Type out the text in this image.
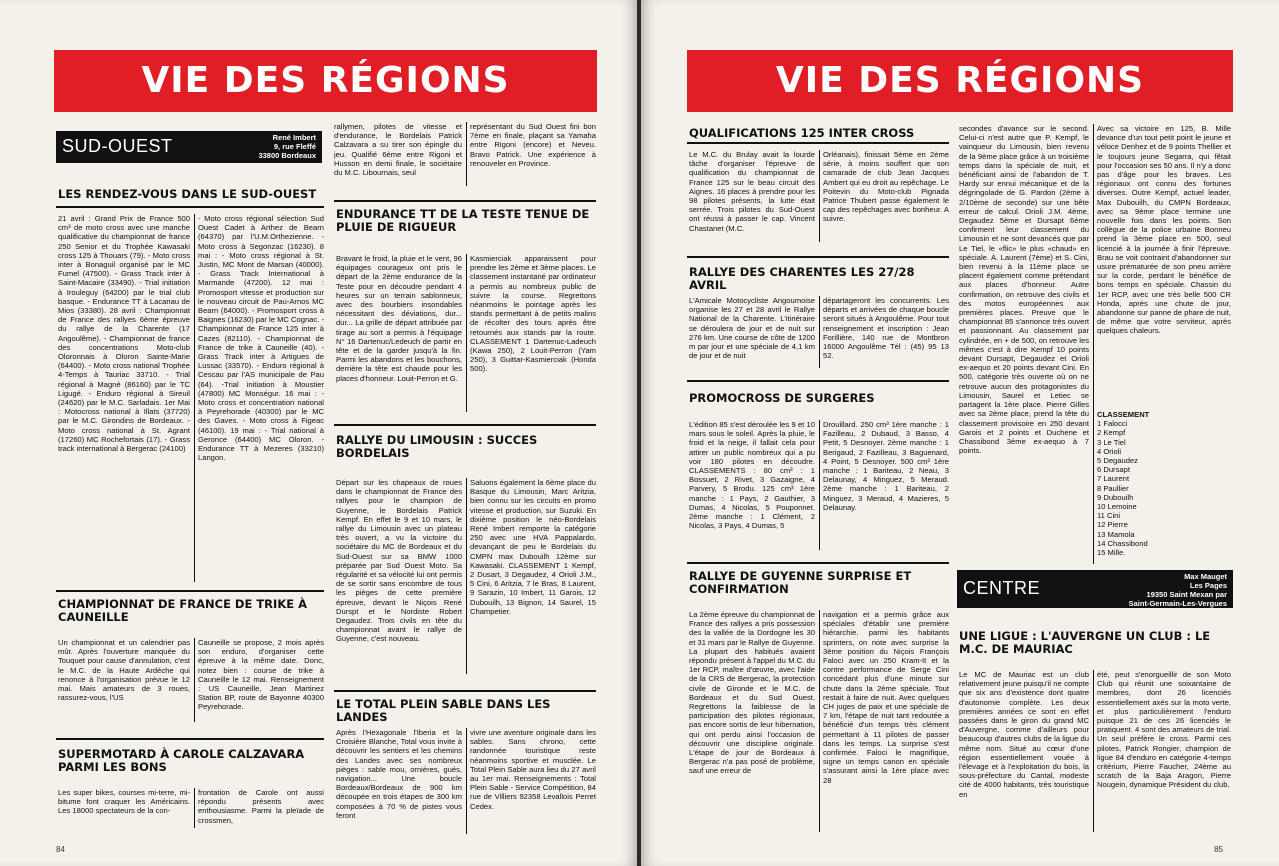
VIE DES RÉGIONS
SUD-OUEST	René Imbert
9, rue Fleffé
33800 Bordeaux
LES RENDEZ-VOUS DANS LE SUD-OUEST
21 avril : Grand Prix de France 500 cm³ de moto cross avec une manche qualificative du championnat de france 250 Senior et du Trophée Kawasaki cross 125 à Thouars (79). - Moto cross inter à Bonaguil organisé par le MC Fumel (47500). - Grass Track inter à Saint-Macaire (33490). - Trial initiation à Irouleguy (64200) par le trial club basque. - Endurance TT à Lacanau de Mios (33380). 28 avril : Championnat de France des rallyes 6ème épreuve du rallye de la Charente (17 Angoulême). - Championnat de france des concentrations Moto-club Oloronnais à Oloron Sainte-Marie (64400). - Moto cross national Trophée 4-Temps à Tauriac 33710. - Trial régional à Magné (86160) par le TC Ligugé. - Enduro régional à Sireuil (24620) par le M.C. Sarladais. 1er Mai : Motocross national à Illats (37720) par le M.C. Girondins de Bordeaux. - Moto cross national à St. Agrant (17260) MC Rochefortais (17). - Grass track international à Bergerac (24100)
- Moto cross régional sélection Sud Ouest Cadet à Arthez de Bearn (64370) par l'U.M.Orthezienne. - Moto cross à Segonzac (16230). 8 mai : - Moto cross régional à St. Justin, MC Mont de Marsan (40000). - Grass Track International à Marmande (47200). 12 mai : Promosport vitesse et production sur le nouveau circuit de Pau-Arnos MC Bearn (64000). - Promosport cross à Baignes (16230) par le MC Cognac. - Championnat de France 125 inter à Cazes (82110). - Championnat de France de trike à Cauneille (40). - Grass Track inter à Artigues de Lussac (33570). - Enduro régional à Cescau par l'AS municipale de Pau (64). -Trial initiation à Moustier (47800) MC Monségur. 16 mai : - Moto cross et concentration national à Peyrehorade (40300) par le MC des Gaves. - Moto cross à Figeac (46100). 19 mai : - Trial national à Geronce (64400) MC Oloron. - Endurance TT à Mezeres (33210) Langon.
CHAMPIONNAT DE FRANCE DE TRIKE À CAUNEILLE
Un championnat et un calendrier pas mûr. Après l'ouverture manquée du Touquet pour cause d'annulation, c'est le M.C. de la Haute Ardèche qui renonce à l'organisation prévue le 12 mai. Mais amateurs de 3 roues, rassurez-vous, l'US
Cauneille se propose, 2 mois après son enduro, d'organiser cette épreuve à la même date. Donc, notez bien : course de trike à Cauneille le 12 mai. Renseignement : US Cauneille, Jean Martinez Station BP, route de Bayonne 40300 Peyrehorade.
SUPERMOTARD À CAROLE CALZAVARA PARMI LES BONS
Les super bikes, courses mi-terre, mi-bitume font craquer les Américains. Les 18000 spectateurs de la con-
frontation de Carole ont aussi répondu présents avec enthousiasme. Parmi la pleïade de crossmen,
rallymen, pilotes de vitesse et d'endurance, le Bordelais Patrick Calzavara a su tirer son épingle du jeu. Qualifié 6ème entre Rigoni et Husson en demi finale, le sociétaire du M.C. Libournais, seul
représentant du Sud Ouest fini bon 7ème en finale, plaçant sa Yamaha entre Rigoni (encore) et Neveu. Bravo Patrick. Une expérience à renouveler en Province.
ENDURANCE TT DE LA TESTE TENUE DE PLUIE DE RIGUEUR
Bravant le froid, la pluie et le vent, 96 équipages courageux ont pris le départ de la 2ème endurance de la Teste pour en découdre pendant 4 heures sur un terrain sablonneux, avec des bourbiers insondables nécessitant des déviations, dur... dur... La grille de départ attribuée par tirage au sort a permis à l'équipage N° 16 Dartenuc/Ledeuch de partir en tête et de la garder jusqu'à la fin. Parmi les abandons et les bouchons, derrière la tête est chaude pour les places d'honneur. Louit-Perron et G.
Kasmierciak apparaissent pour prendre les 2ème et 3ème places. Le classement instantané par ordinateur a permis au nombreux public de suivre la course. Regrettons néanmoins le pointage après les stands permettant à de petits malins de récolter des tours après être retournés aux stands par la route. CLASSEMENT 1 Dartenuc-Ladeuch (Kawa 250), 2 Louit-Perron (Yam 250), 3 Guittar-Kasmierciak (Honda 500).
RALLYE DU LIMOUSIN : SUCCES BORDELAIS
Départ sur les chapeaux de roues dans le championnat de France des rallyes pour le champion de Guyenne, le Bordelais Patrick Kempf. En effet le 9 et 10 mars, le rallye du Limousin avec un plateau très ouvert, a vu la victoire du sociétaire du MC de Bordeaux et du Sud-Ouest sur sa BMW 1000 préparée par Sud Ouest Moto. Sa régularité et sa vélocité lui ont permis de se sortir sans encombre de tous les pièges de cette première épreuve, devant le Niçois René Durspt et le Nordiste Robert Degaudez. Trois civils en tête du championnat avant le rallye de Guyenne, c'est nouveau.
Saluons également la 6ème place du Basque du Limousin, Marc Aritzia, bien connu sur les circuits en promo vitesse et production, sur Suzuki. En dixième position le néo-Bordelais René Imbert remporte la catégorie 250 avec une HVA Pappalardo, devançant de peu le Bordelais du CMPN max Dubouilh 12ème sur Kawasaki. CLASSEMENT 1 Kempf, 2 Dusart, 3 Degaudez, 4 Orioli J.M., 5 Cini, 6 Aritzia, 7 le Bras, 8 Laurent, 9 Sarazin, 10 Imbert, 11 Garois, 12 Dubouilh, 13 Bignon, 14 Saurel, 15 Champetier.
LE TOTAL PLEIN SABLE DANS LES LANDES
Après l'Hexagonale l'Iberia et la Croisière Blanche, Total vous invite à découvrir les sentiers et les chemins des Landes avec ses nombreux pièges : sable mou, ornières, gués, navigation... Une boucle Bordeaux/Bordeaux de 900 km découpée en trois étapes de 300 km composées à 70 % de pistes vous feront
vivre une aventure originale dans les sables. Sans chrono, cette randonnée touristique reste néanmoins sportive et musclée. Le Total Plein Sable aura lieu du 27 avril au 1er mai. Renseignements : Total Plein Sable - Service Compétition, 84 rue de Villiers 92358 Levallois Perret Cedex.
84
VIE DES RÉGIONS
QUALIFICATIONS 125 INTER CROSS
Le M.C. du Brulay avait la lourde tâche d'organiser l'épreuve de qualification du championnat de France 125 sur le beau circuit des Aignes. 16 places à prendre pour les 98 pilotes présents, la lutte était serrée. Trois pilotes du Sud-Ouest ont réussi à passer le cap. Vincent Chastanet (M.C.
Orléanais), finissait 5ème en 2ème série, à moins souffert que son camarade de club Jean Jacques Ambert qui eu droit au repêchage. Le Poitevin du Moto-club Pignada Patrice Thubert passe également le cap des repêchages avec bonheur. A suivre.
RALLYE DES CHARENTES LES 27/28 AVRIL
L'Amicale Motocycliste Angoumoise organise les 27 et 28 avril le Rallye National de la Charente. L'itinéraire se déroulera de jour et de nuit sur 276 km. Une course de côte de 1200 m par jour et une spéciale de 4,1 km de jour et de nuit
départageront les concurrents. Les départs et arrivées de chaque boucle seront situés à Angoulême. Pour tout renseignement et inscription : Jean Forillière, 140 rue de Montbron 16000 Angoulême Tél : (45) 95 13 52.
PROMOCROSS DE SURGERES
L'édition 85 s'est déroulée les 9 et 10 mars sous le soleil. Après la pluie, le froid et la neige, il fallait cela pour attirer un public nombreux qui a pu voir 180 pilotes en découdre. CLASSEMENTS : 80 cm³ : 1 Bossuet, 2 Rivet, 3 Gazaigne, 4 Parvery, 5 Brodu. 125 cm³ 1ère manche : 1 Pays, 2 Gauthier, 3 Dumas, 4 Nicolas, 5 Pouponnet. 2ème manche : 1 Clément, 2 Nicolas, 3 Pays, 4 Dumas, 5
Drouillard. 250 cm³ 1ère manche : 1 Fazilleau, 2 Dubaud, 3 Basso, 4 Petit, 5 Desnoyer. 2ème manche : 1 Berigaud, 2 Fazilleau, 3 Baguenard, 4 Point, 5 Desnoyer. 500 cm³ 1ère manche : 1 Bariteau, 2 Neau, 3 Delaunay, 4 Minguez, 5 Meraud. 2ème manche : 1 Bariteau, 2 Minguez, 3 Meraud, 4 Mazieres, 5 Delaunay.
RALLYE DE GUYENNE SURPRISE ET CONFIRMATION
La 2ème épreuve du championnat de France des rallyes a pris possession des la vallée de la Dordogne les 30 et 31 mars par le Rallye de Guyenne. La plupart des habitués avaient répondu présent à l'appel du M.C. du 1er RCP, maître d'œuvre, avec l'aide de la CRS de Bergerac, la protection civile de Gironde et le M.C. de Bordeaux et du Sud Ouest. Regrettons la faiblesse de la participation des pilotes régionaux, pas encore sortis de leur hibernation, qui ont perdu ainsi l'occasion de découvrir une discipline originale. L'étape de jour de Bordeaux à Bergerac n'a pas posé de problème, sauf une erreur de
navigation et a permis grâce aux spéciales d'établir une première hiérarchie. parmi les habitants sprinters, on note avec surprise la 3ème position du Niçois François Faloci avec un 250 Kram-It et la contre performance de Serge Cini concédant plus d'une minute sur chute dans la 2ème spéciale. Tout restait à faire de nuit. Avec quelques CH juges de paix et une spéciale de 7 km, l'étape de nuit tant redoutée a bénéficié d'un temps très clément permettant à 11 pilotes de passer dans les temps. La surprise s'est confirmée. Faloci le magnifique, signe un temps canon en spéciale s'assurant ainsi la 1ère place avec 28
secondes d'avance sur le second. Celui-ci n'est autre que P. Kempf, le vainqueur du Limousin, bien revenu de la 9ème place grâce à un troisième temps dans la spéciale de nuit, et bénéficiant ainsi de l'abandon de T. Hardy sur ennui mécanique et de la dégringolade de G. Pardon (2ème à 2/10ème de seconde) sur une bête erreur de calcul. Orioli J.M. 4ème, Degaudez 5ème et Dursapt 6ème confirment leur classement du Limousin et ne sont devancés que par Le Tiel, le «flic» le plus «chaud» en spéciale. A. Laurent (7ème) et S. Cini, bien revenu à la 11ème place se placent également comme prétendant aux places d'honneur. Autre confirmation, on retrouve des civils et des motos européennes aux premières places. Preuve que le championnat 85 s'annonce très ouvert et passionnant. Au classement par cylindrée, en + de 500, on retrouve les mêmes c'est à dire Kempf 10 points devant Dursapt, Degaudez et Orioli ex-aequo et 20 points devant Cini. En 500, catégorie très ouverte où on ne retrouve aucun des protagonistes du Limousin, Saurel et Letiec se partagent la 1ère place. Pierre Gilles avec sa 2ème place, prend la tête du classement provisoire en 250 devant Garois et 2 points et Duchene et Chassibond 3ème ex-aequo à 7 points.
Avec sa victoire en 125, B. Mille devance d'un tout petit point le jeune et véloce Denhez et de 9 points Thellier et le toujours jeune Segarra, qui fêtait pour l'occasion ses 50 ans. Il n'y a donc pas d'âge pour les braves. Les régionaux ont connu des fortunes diverses. Outre Kempf, actuel leader, Max Dubouilh, du CMPN Bordeaux, avec sa 9ème place termine une nouvelle fois dans les points. Son collègue de la police urbaine Bonneu prend la 3ème place en 500, seul licencié à la journée à finir l'épreuve. Brau se voit contraint d'abandonner sur usure prématurée de son pneu arrière sur la corde, perdant le bénéfice de bons temps en spéciale. Chassin du 1er RCP, avec une très belle 500 CR Honda, après une chute de jour, abandonne sur panne de phare de nuit, de même que votre serviteur, après quelques chaleurs.
CLASSEMENT
1 Falocci
2 Kempf
3 Le Tiel
4 Orioli
5 Degaudez
6 Dursapt
7 Laurent
8 Paullier
9 Dubouilh
10 Lemoine
11 Cini
12 Pierre
13 Mamola
14 Chassibond
15 Mille.
CENTRE
Max Mauget
Les Pages
19350 Saint Mexan par
Saint-Germain-Les-Vergues
UNE LIGUE : L'AUVERGNE UN CLUB : LE M.C. DE MAURIAC
Le MC de Mauriac est un club relativement jeune puisqu'il ne compte que six ans d'existence dont quatre d'autonomie complète. Les deux premières années ce sont en effet passées dans le giron du grand MC d'Auvergne, comme d'ailleurs pour beaucoup d'autres clubs de la ligue du même nom. Situé au cœur d'une région essentiellement vouée à l'élevage et à l'exploitation du bois, la sous-préfecture du Cantal, modeste cité de 4000 habitants, très touristique en
été, peut s'enorgueillir de son Moto Club qui réunit une soixantaine de membres, dont 26 licenciés essentiellement axés sur la moto verte, et plus particulièrement l'enduro puisque 21 de ces 26 licenciés le pratiquent. 4 sont des amateurs de trial. Un seul préfère le cross. Parmi ces pilotes, Patrick Rongier, champion de ligue 84 d'enduro en catégorie 4-temps critérium, Pierre Faucher, 24ème au scratch de la Baja Aragon, Pierre Nougein, dynamique Président du club,
85
